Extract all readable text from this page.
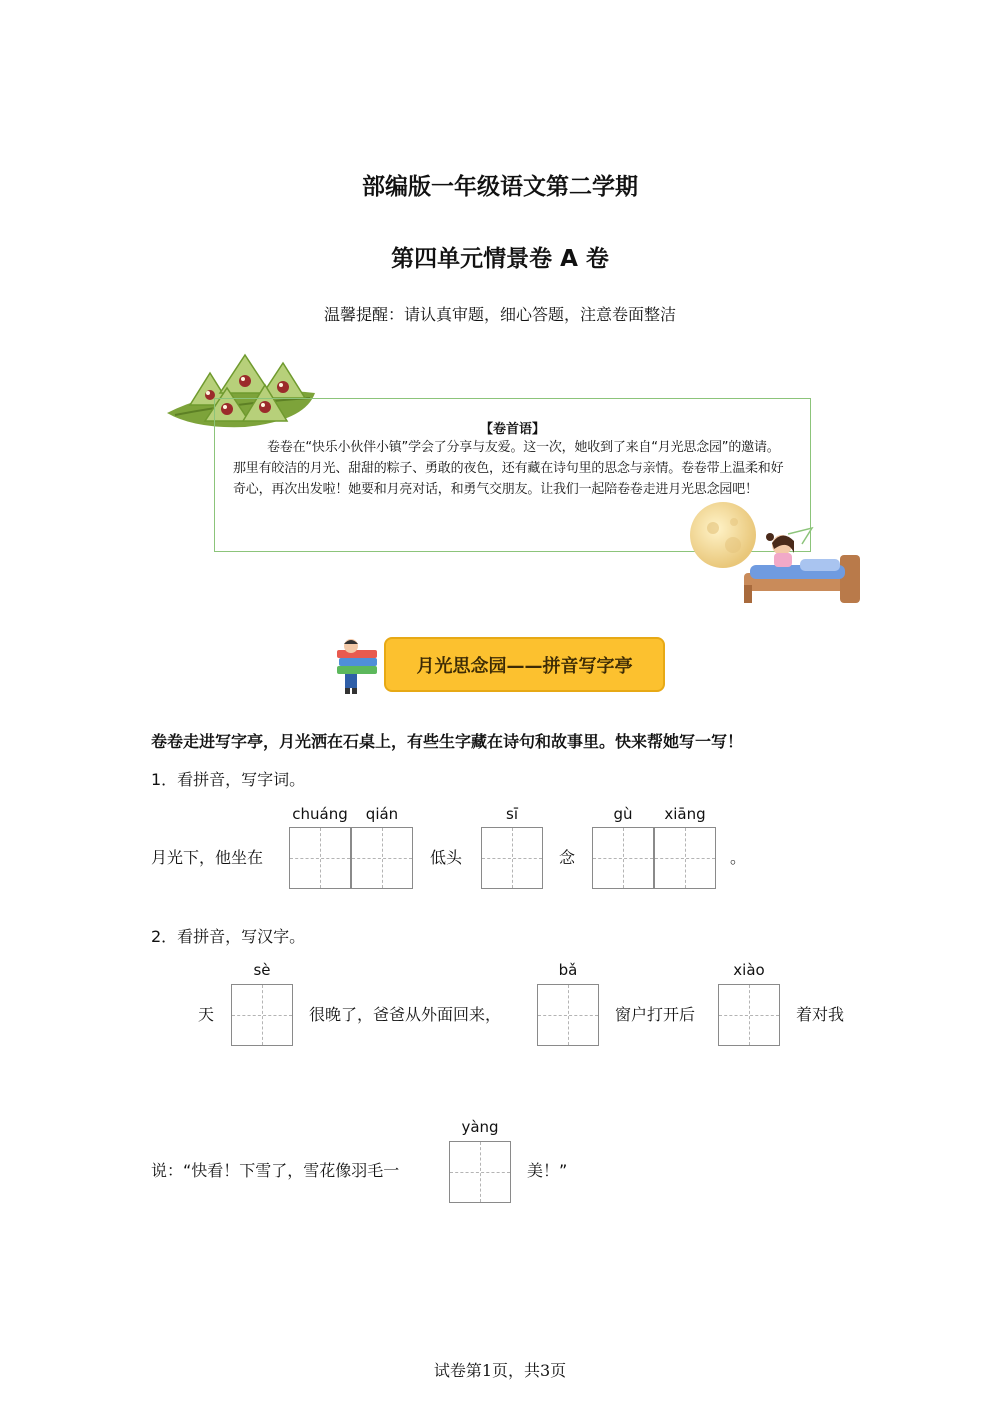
部编版一年级语文第二学期
第四单元情景卷 A 卷
温馨提醒：请认真审题，细心答题，注意卷面整洁
【卷首语】
卷卷在“快乐小伙伴小镇”学会了分享与友爱。这一次，她收到了来自“月光思念园”的邀请。那里有皎洁的月光、甜甜的粽子、勇敢的夜色，还有藏在诗句里的思念与亲情。卷卷带上温柔和好奇心，再次出发啦！她要和月亮对话，和勇气交朋友。让我们一起陪卷卷走进月光思念园吧！
月光思念园——拼音写字亭
卷卷走进写字亭，月光洒在石桌上，有些生字藏在诗句和故事里。快来帮她写一写！
1．看拼音，写字词。
chuáng	qián	sī	gù	xiāng
月光下，他坐在	低头	念	。
2．看拼音，写汉字。
sè	bǎ	xiào
天	很晚了，爸爸从外面回来，	窗户打开后	着对我
yàng
说：“快看！下雪了，雪花像羽毛一	美！”
试卷第1页，共3页
